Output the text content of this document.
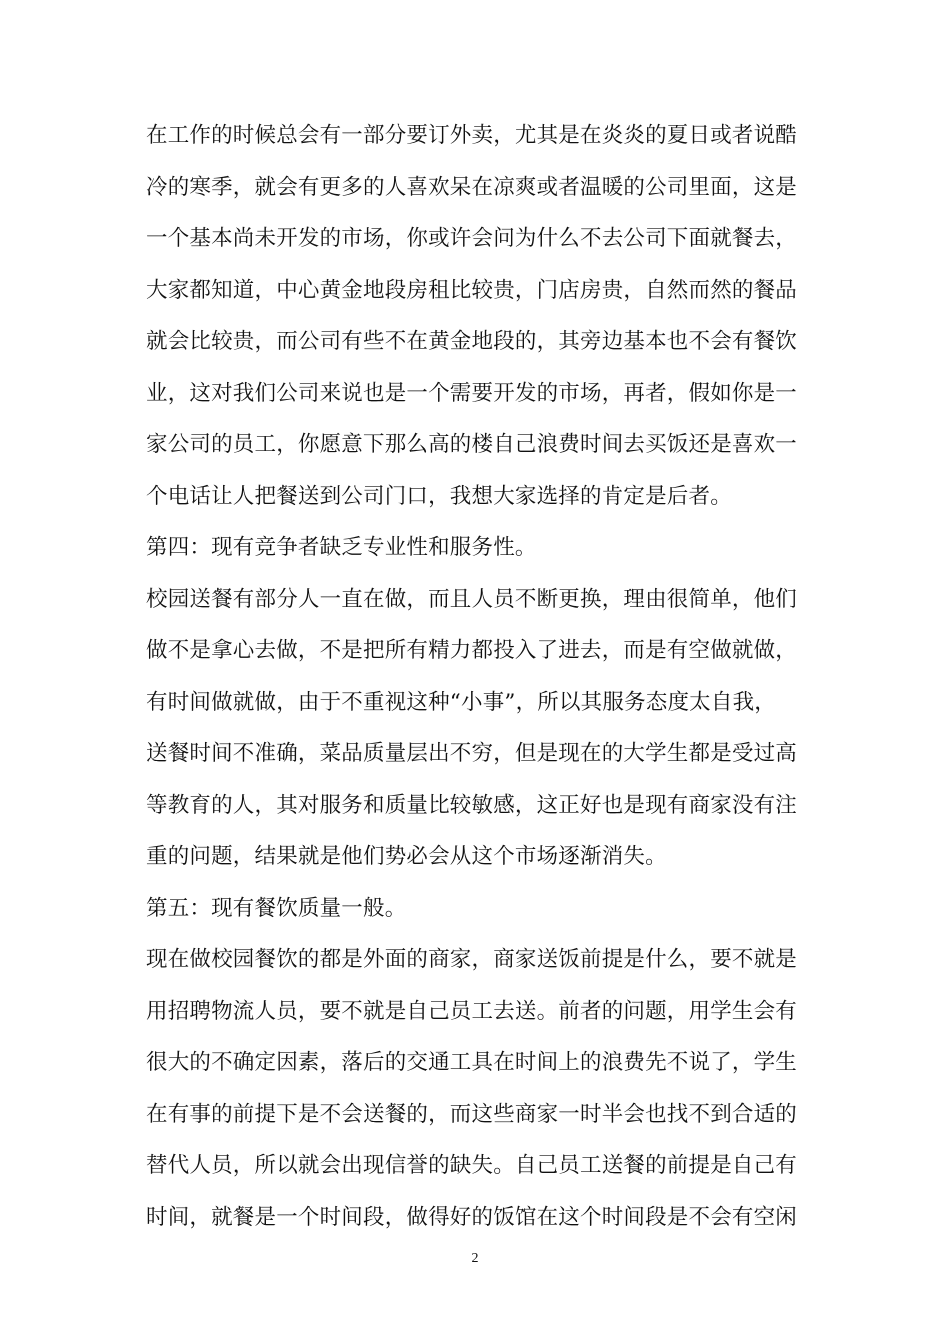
在工作的时候总会有一部分要订外卖，尤其是在炎炎的夏日或者说酷
冷的寒季，就会有更多的人喜欢呆在凉爽或者温暖的公司里面，这是
一个基本尚未开发的市场，你或许会问为什么不去公司下面就餐去，
大家都知道，中心黄金地段房租比较贵，门店房贵，自然而然的餐品
就会比较贵，而公司有些不在黄金地段的，其旁边基本也不会有餐饮
业，这对我们公司来说也是一个需要开发的市场，再者，假如你是一
家公司的员工，你愿意下那么高的楼自己浪费时间去买饭还是喜欢一
个电话让人把餐送到公司门口，我想大家选择的肯定是后者。
第四：现有竞争者缺乏专业性和服务性。
校园送餐有部分人一直在做，而且人员不断更换，理由很简单，他们
做不是拿心去做，不是把所有精力都投入了进去，而是有空做就做，
有时间做就做，由于不重视这种“小事”，所以其服务态度太自我，
送餐时间不准确，菜品质量层出不穷，但是现在的大学生都是受过高
等教育的人，其对服务和质量比较敏感，这正好也是现有商家没有注
重的问题，结果就是他们势必会从这个市场逐渐消失。
第五：现有餐饮质量一般。
现在做校园餐饮的都是外面的商家，商家送饭前提是什么，要不就是
用招聘物流人员，要不就是自己员工去送。前者的问题，用学生会有
很大的不确定因素，落后的交通工具在时间上的浪费先不说了，学生
在有事的前提下是不会送餐的，而这些商家一时半会也找不到合适的
替代人员，所以就会出现信誉的缺失。自己员工送餐的前提是自己有
时间，就餐是一个时间段，做得好的饭馆在这个时间段是不会有空闲
2
